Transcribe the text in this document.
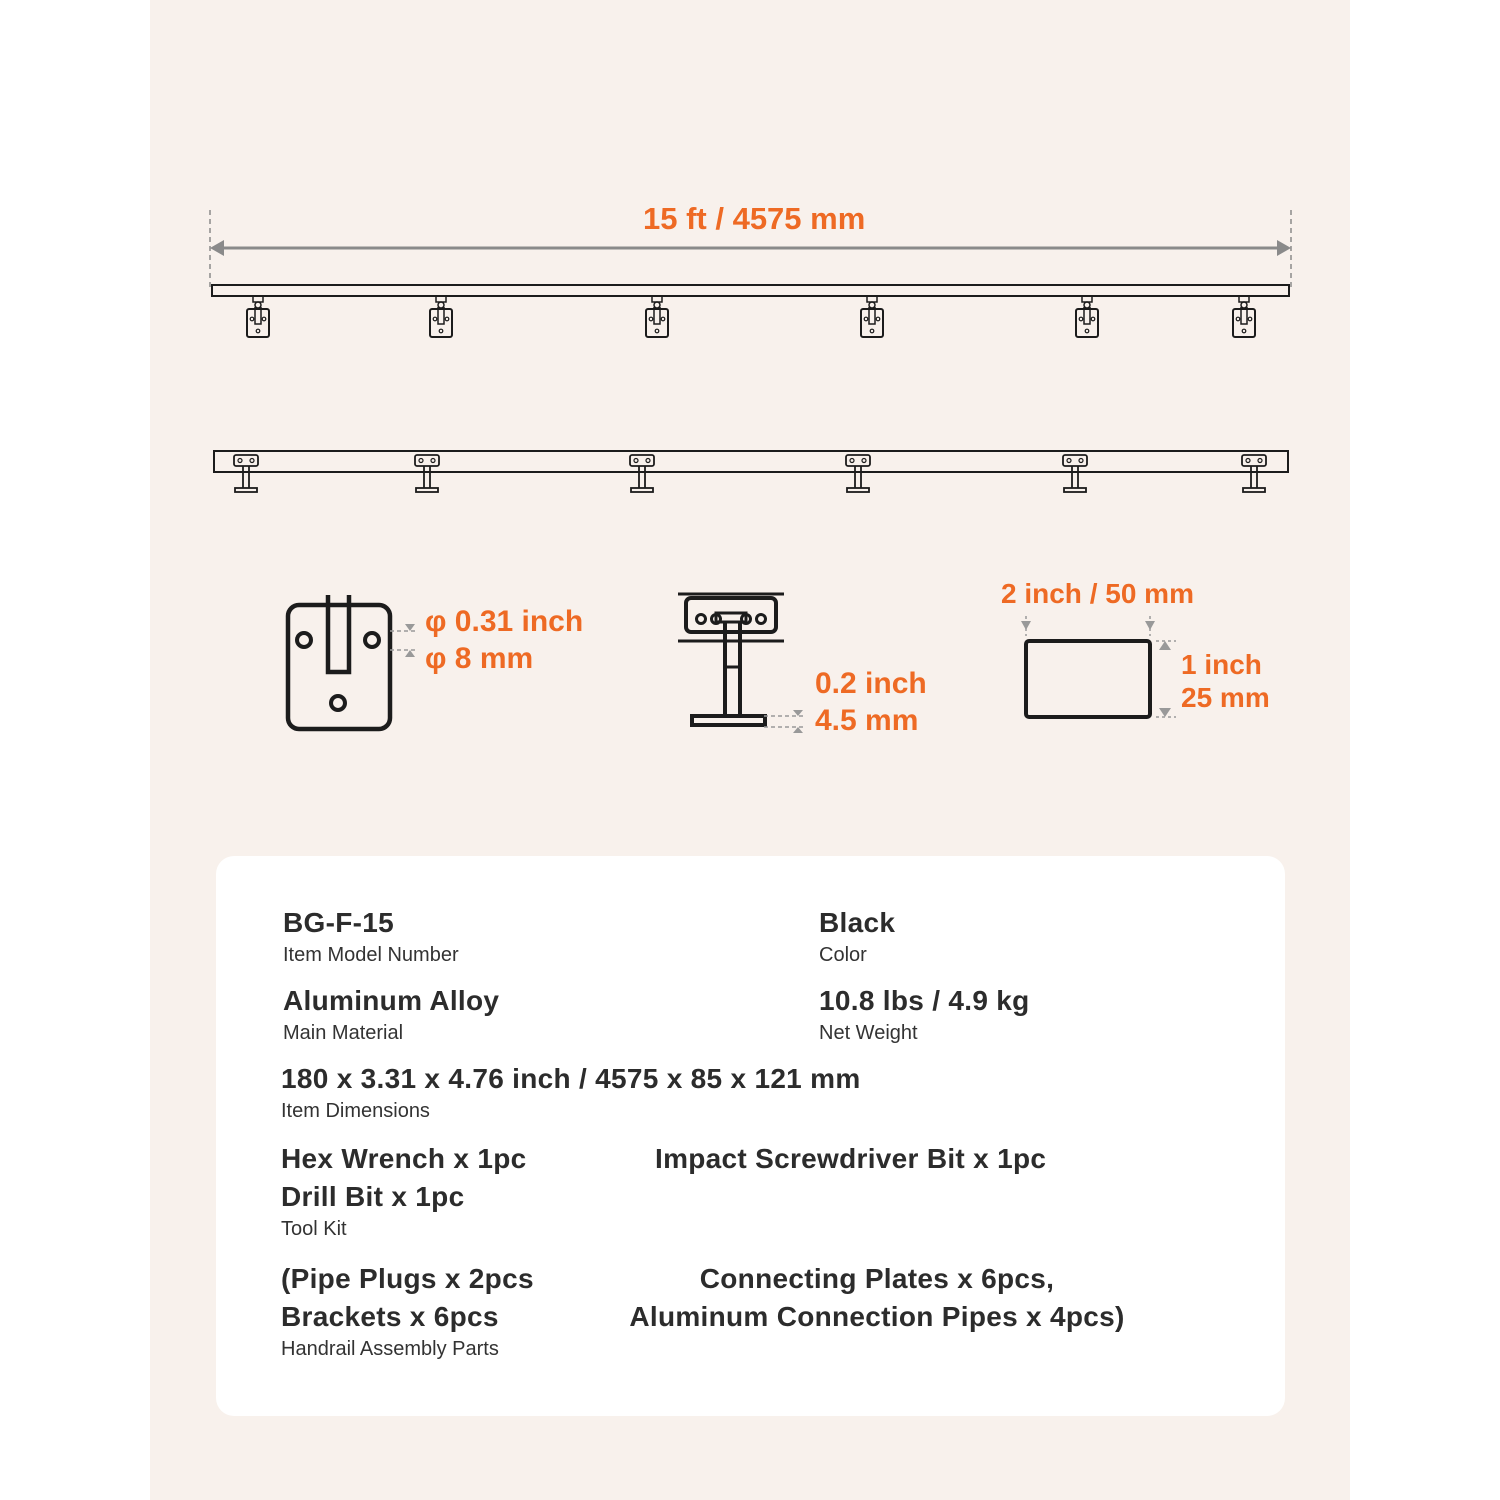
15 ft / 4575 mm
φ 0.31 inch
φ 8 mm
0.2 inch
4.5 mm
2 inch / 50 mm
1 inch
25 mm
BG-F-15
Item Model Number
Black
Color
Aluminum Alloy
Main Material
10.8 lbs / 4.9 kg
Net Weight
180 x 3.31 x 4.76 inch / 4575 x 85 x 121 mm
Item Dimensions
Hex Wrench x 1pc
Drill Bit x 1pc
Tool Kit
Impact Screwdriver Bit x 1pc
(Pipe Plugs x 2pcs
Brackets x 6pcs
Handrail Assembly Parts
Connecting Plates x 6pcs,
Aluminum Connection Pipes x 4pcs)
